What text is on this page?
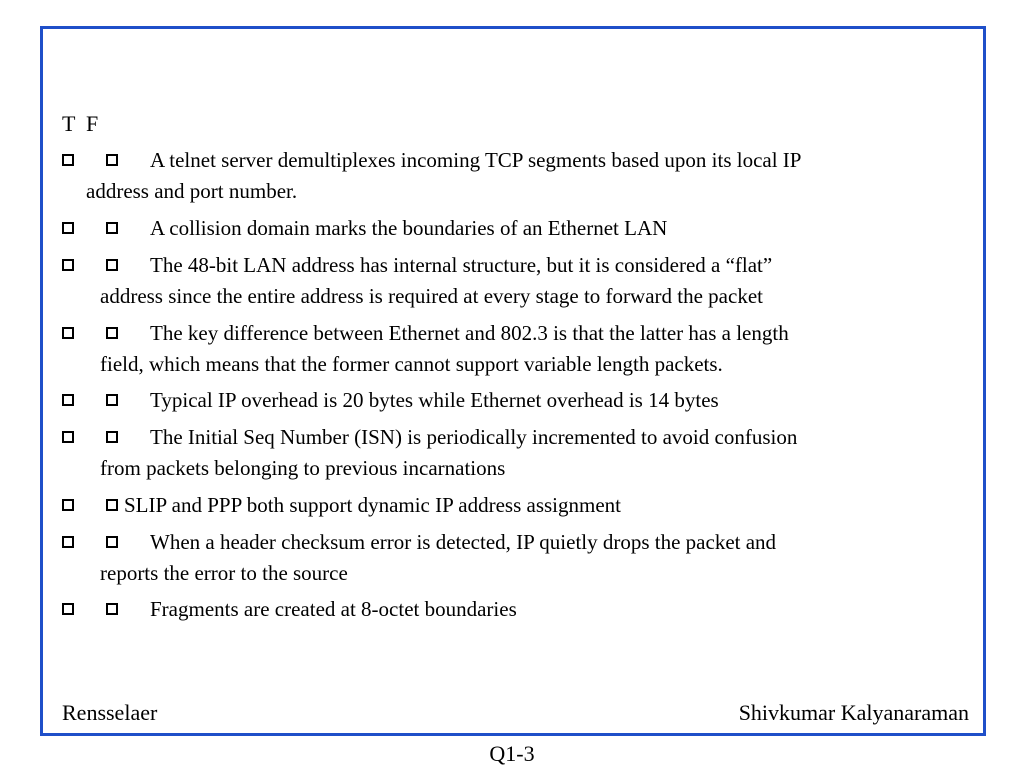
T  F
A telnet server demultiplexes incoming TCP segments based upon its local IP
address and port number.
A collision domain marks the boundaries of an Ethernet LAN
The 48-bit LAN address has internal structure, but it is considered a “flat”
address since the entire address is required at every stage to forward the packet
The key difference between Ethernet and 802.3 is that the latter has a length
field, which means that the former cannot support variable length packets.
Typical IP overhead is 20 bytes while Ethernet overhead is 14 bytes
The Initial Seq Number (ISN) is periodically incremented to avoid confusion
from packets belonging to previous incarnations
SLIP and PPP both support dynamic IP address assignment
When a header checksum error is detected, IP quietly drops the packet and
reports the error to the source
Fragments are created at 8-octet boundaries
Rensselaer	Shivkumar Kalyanaraman
Q1-3
